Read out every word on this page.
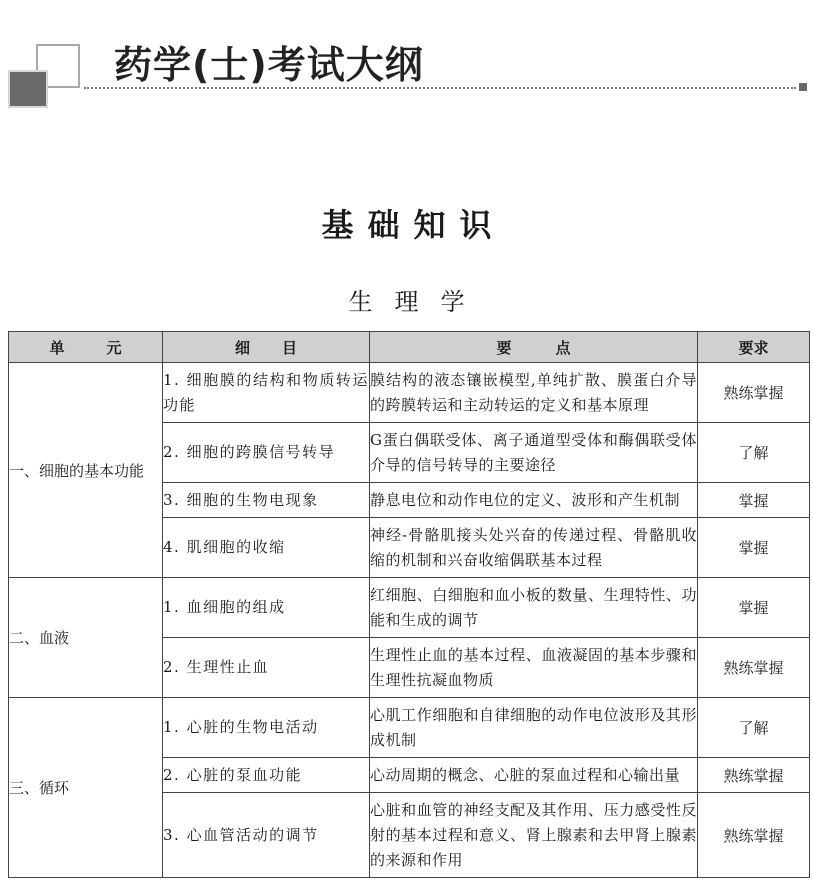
药学(士)考试大纲
基础知识
生理学
单元	细目	要点	要求
一、细胞的基本功能	1. 细胞膜的结构和物质转运功能	膜结构的液态镶嵌模型,单纯扩散、膜蛋白介导的跨膜转运和主动转运的定义和基本原理	熟练掌握
	2. 细胞的跨膜信号转导	G蛋白偶联受体、离子通道型受体和酶偶联受体介导的信号转导的主要途径	了解
	3. 细胞的生物电现象	静息电位和动作电位的定义、波形和产生机制	掌握
	4. 肌细胞的收缩	神经-骨骼肌接头处兴奋的传递过程、骨骼肌收缩的机制和兴奋收缩偶联基本过程	掌握
二、血液	1. 血细胞的组成	红细胞、白细胞和血小板的数量、生理特性、功能和生成的调节	掌握
	2. 生理性止血	生理性止血的基本过程、血液凝固的基本步骤和生理性抗凝血物质	熟练掌握
三、循环	1. 心脏的生物电活动	心肌工作细胞和自律细胞的动作电位波形及其形成机制	了解
	2. 心脏的泵血功能	心动周期的概念、心脏的泵血过程和心输出量	熟练掌握
	3. 心血管活动的调节	心脏和血管的神经支配及其作用、压力感受性反射的基本过程和意义、肾上腺素和去甲肾上腺素的来源和作用	熟练掌握
